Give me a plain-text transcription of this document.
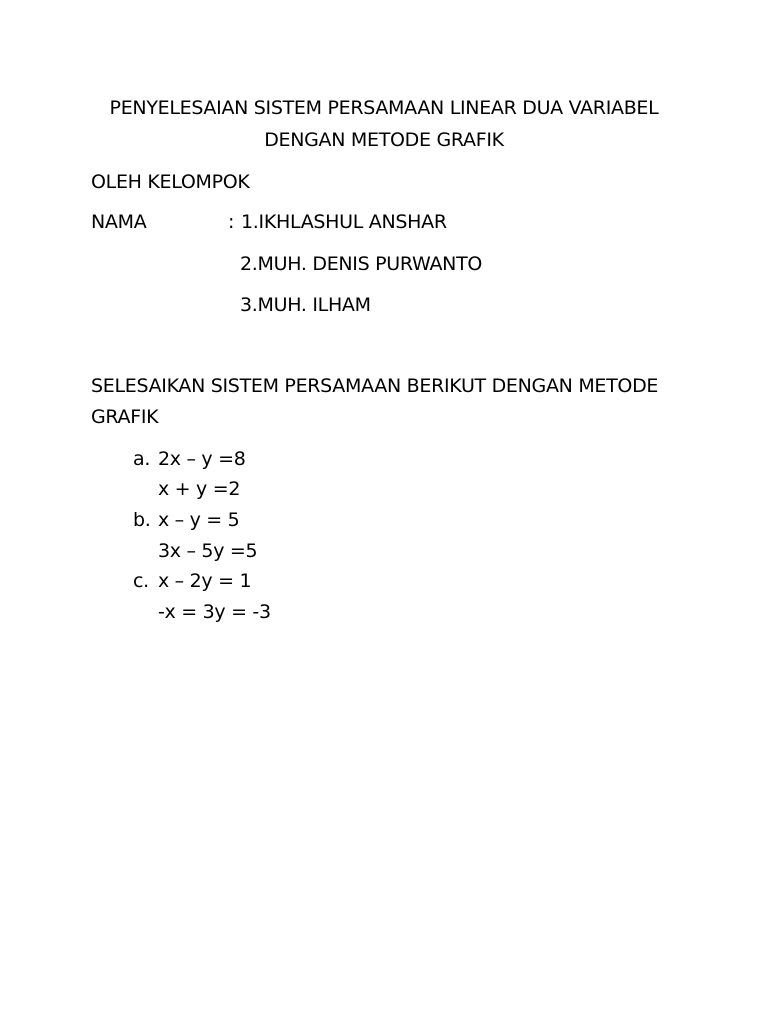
PENYELESAIAN SISTEM PERSAMAAN LINEAR DUA VARIABEL
DENGAN METODE GRAFIK
OLEH KELOMPOK
NAMA	: 1.IKHLASHUL ANSHAR
2.MUH. DENIS PURWANTO
3.MUH. ILHAM
SELESAIKAN SISTEM PERSAMAAN BERIKUT DENGAN METODE
GRAFIK
a. 2x – y =8
x + y =2
b. x – y = 5
3x – 5y =5
c. x – 2y = 1
-x = 3y = -3
